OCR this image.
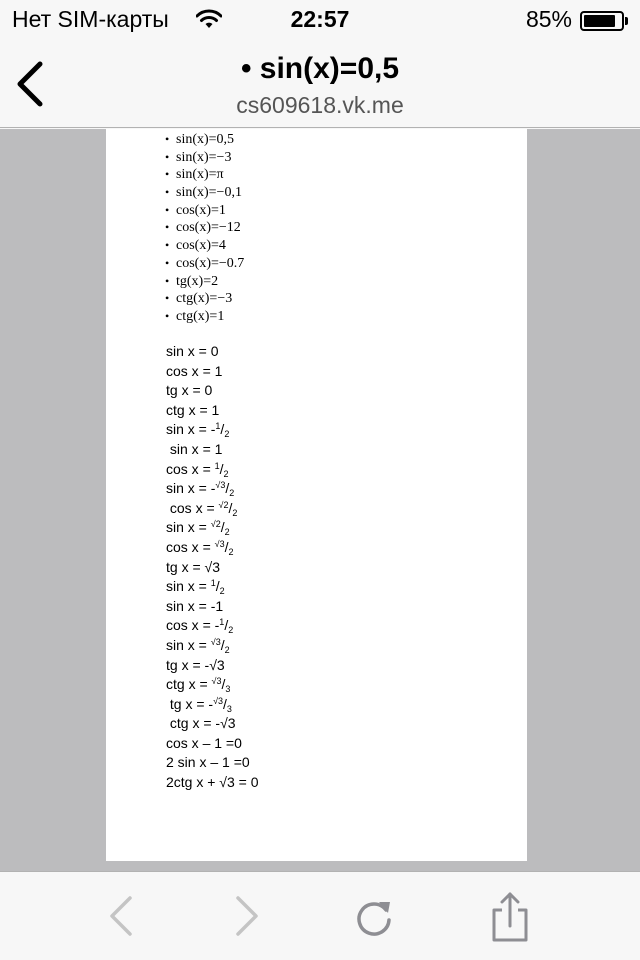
Нет SIM-карты	22:57	85%
• sin(x)=0,5
cs609618.vk.me
• sin(x)=0,5
• sin(x)=−3
• sin(x)=π
• sin(x)=−0,1
• cos(x)=1
• cos(x)=−12
• cos(x)=4
• cos(x)=−0.7
• tg(x)=2
• ctg(x)=−3
• ctg(x)=1
sin x = 0
cos x = 1
tg x = 0
ctg x = 1
$\sin x = -^1/_2$
sin x = 1
$\cos x = ^1/_2$
$\sin x = -^{√3}/_2$
$\cos x = ^{√2}/_2$
$\sin x = ^{√2}/_2$
$\cos x = ^{√3}/_2$
tg x = √3
$\sin x = ^1/_2$
sin x = -1
$\cos x = -^1/_2$
$\sin x = ^{√3}/_2$
tg x = -√3
ctg $x = ^{√3}/_3$
tg $x = -^{√3}/_3$
ctg x = -√3
cos x – 1 =0
2 sin x – 1 =0
2ctg x + √3 = 0
